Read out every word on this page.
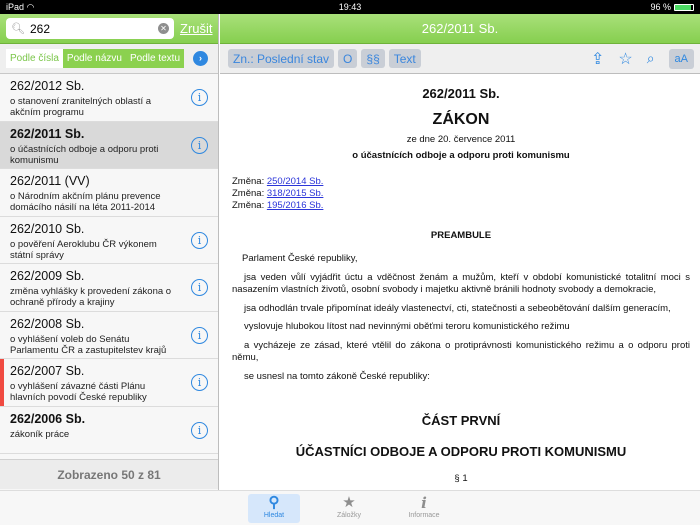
iPad ◠	19:43	96 %
🔍︎
262	✕ Zrušit
Podle čísla Podle názvu Podle textu	›
262/2012 Sb.
o stanovení zranitelných oblastí a akčním programu
i
262/2011 Sb.
o účastnících odboje a odporu proti komunismu
i
262/2011 (VV)
o Národním akčním plánu prevence domácího násilí na léta 2011-2014
262/2010 Sb.
o pověření Aeroklubu ČR výkonem státní správy
i
262/2009 Sb.
změna vyhlášky k provedení zákona o ochraně přírody a krajiny
i
262/2008 Sb.
o vyhlášení voleb do Senátu Parlamentu ČR a zastupitelstev krajů
i
262/2007 Sb.
o vyhlášení závazné části Plánu hlavních povodí České republiky
i
262/2006 Sb.
zákoník práce	i
Zobrazeno 50 z 81
262/2011 Sb.
Zn.: Poslední stav	O	§§	Text	⇪ ☆ ⌕	aA
262/2011 Sb.
ZÁKON
ze dne 20. července 2011
o účastnících odboje a odporu proti komunismu
Změna: 250/2014 Sb.
Změna: 318/2015 Sb.
Změna: 195/2016 Sb.
PREAMBULE
Parlament České republiky,
jsa veden vůlí vyjádřit úctu a vděčnost ženám a mužům, kteří v období komunistické totalitní moci s nasazením vlastních životů, osobní svobody i majetku aktivně bránili hodnoty svobody a demokracie,
jsa odhodlán trvale připomínat ideály vlastenectví, cti, statečnosti a sebeobětování dalším generacím,
vyslovuje hlubokou lítost nad nevinnými oběťmi teroru komunistického režimu
a vycházeje ze zásad, které vtělil do zákona o protiprávnosti komunistického režimu a o odporu proti němu,
se usnesl na tomto zákoně České republiky:
ČÁST PRVNÍ
ÚČASTNÍCI ODBOJE A ODPORU PROTI KOMUNISMU
§ 1
⚲
Hledat
★
Záložky
i
Informace
